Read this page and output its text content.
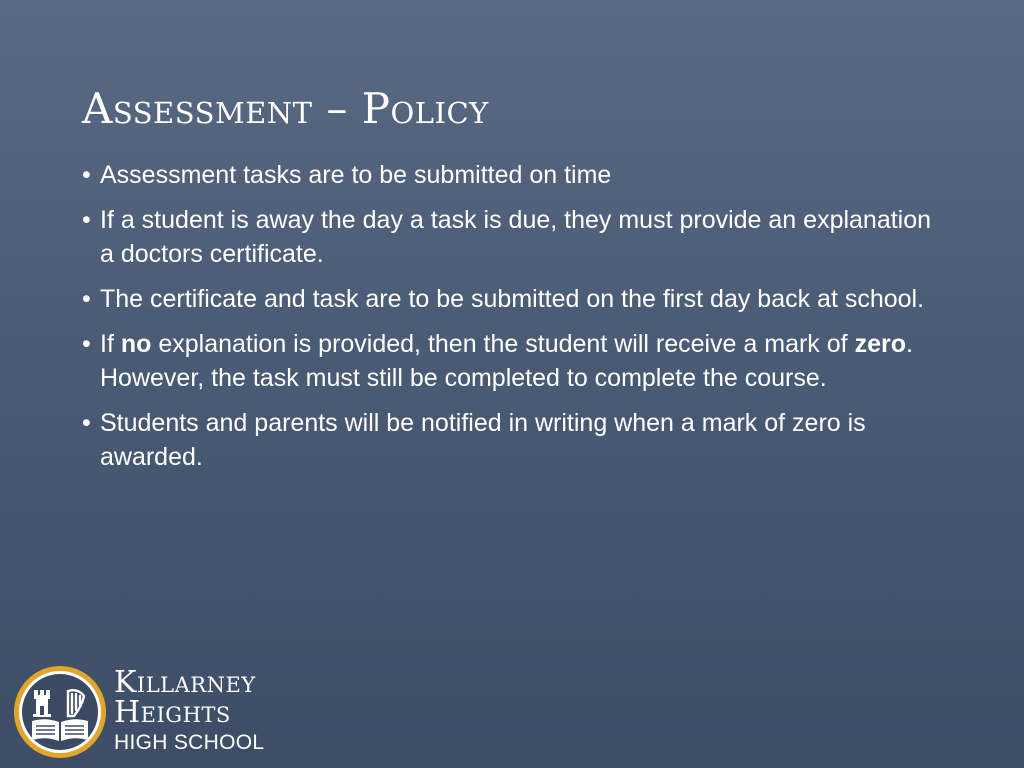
Assessment – Policy
• Assessment tasks are to be submitted on time
• If a student is away the day a task is due, they must provide an explanation a doctors certificate.
• The certificate and task are to be submitted on the first day back at school.
• If no explanation is provided, then the student will receive a mark of zero. However, the task must still be completed to complete the course.
• Students and parents will be notified in writing when a mark of zero is awarded.
Killarney
Heights
HIGH SCHOOL
